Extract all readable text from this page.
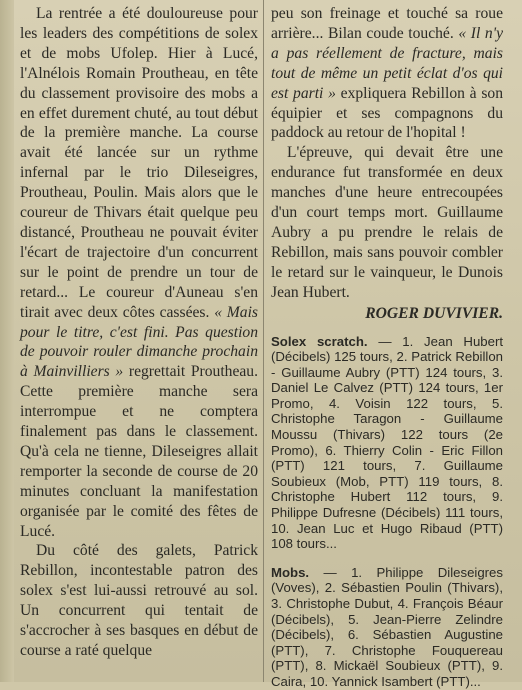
La rentrée a été douloureuse pour les leaders des compétitions de solex et de mobs Ufolep. Hier à Lucé, l'Alnélois Romain Proutheau, en tête du classement provisoire des mobs a en effet durement chuté, au tout début de la première manche. La course avait été lancée sur un rythme infernal par le trio Dileseigres, Proutheau, Poulin. Mais alors que le coureur de Thivars était quelque peu distancé, Proutheau ne pouvait éviter l'écart de trajectoire d'un concurrent sur le point de prendre un tour de retard... Le coureur d'Auneau s'en tirait avec deux côtes cassées. « Mais pour le titre, c'est fini. Pas question de pouvoir rouler dimanche prochain à Mainvilliers » regrettait Proutheau. Cette première manche sera interrompue et ne comptera finalement pas dans le classement. Qu'à cela ne tienne, Dileseigres allait remporter la seconde de course de 20 minutes concluant la manifestation organisée par le comité des fêtes de Lucé.

Du côté des galets, Patrick Rebillon, incontestable patron des solex s'est lui-aussi retrouvé au sol. Un concurrent qui tentait de s'accrocher à ses basques en début de course a raté quelque

peu son freinage et touché sa roue arrière... Bilan coude touché. « Il n'y a pas réellement de fracture, mais tout de même un petit éclat d'os qui est parti » expliquera Rebillon à son équipier et ses compagnons du paddock au retour de l'hopital !

L'épreuve, qui devait être une endurance fut transformée en deux manches d'une heure entrecoupées d'un court temps mort. Guillaume Aubry a pu prendre le relais de Rebillon, mais sans pouvoir combler le retard sur le vainqueur, le Dunois Jean Hubert.

ROGER DUVIVIER.

Solex scratch. — 1. Jean Hubert (Décibels) 125 tours, 2. Patrick Rebillon - Guillaume Aubry (PTT) 124 tours, 3. Daniel Le Calvez (PTT) 124 tours, 1er Promo, 4. Voisin 122 tours, 5. Christophe Taragon - Guillaume Moussu (Thivars) 122 tours (2e Promo), 6. Thierry Colin - Eric Fillon (PTT) 121 tours, 7. Guillaume Soubieux (Mob, PTT) 119 tours, 8. Christophe Hubert 112 tours, 9. Philippe Dufresne (Décibels) 111 tours, 10. Jean Luc et Hugo Ribaud (PTT) 108 tours...

Mobs. — 1. Philippe Dileseigres (Voves), 2. Sébastien Poulin (Thivars), 3. Christophe Dubut, 4. François Béaur (Décibels), 5. Jean-Pierre Zelindre (Décibels), 6. Sébastien Augustine (PTT), 7. Christophe Fouquereau (PTT), 8. Mickaël Soubieux (PTT), 9. Caira, 10. Yannick Isambert (PTT)...
